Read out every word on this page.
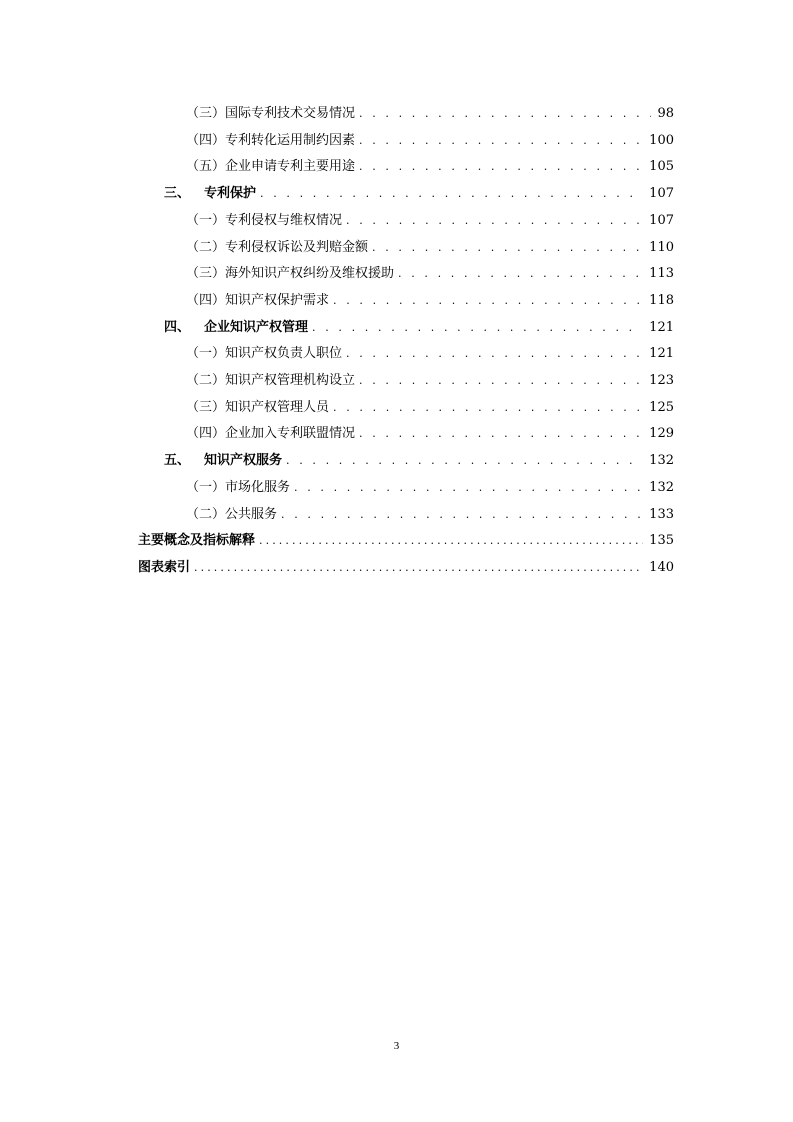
（三）国际专利技术交易情况 . . .	98
（四）专利转化运用制约因素 . . .	100
（五）企业申请专利主要用途 . . .	105
三、 专利保护 . . .	107
（一）专利侵权与维权情况 . . .	107
（二）专利侵权诉讼及判赔金额 . . .	110
（三）海外知识产权纠纷及维权援助 . . .	113
（四）知识产权保护需求 . . .	118
四、 企业知识产权管理 . . .	121
（一）知识产权负责人职位 . . .	121
（二）知识产权管理机构设立 . . .	123
（三）知识产权管理人员 . . .	125
（四）企业加入专利联盟情况 . . .	129
五、 知识产权服务 . . .	132
（一）市场化服务 . . .	132
（二）公共服务 . . .	133
主要概念及指标解释 .....	135
图表索引 .....	140
3
